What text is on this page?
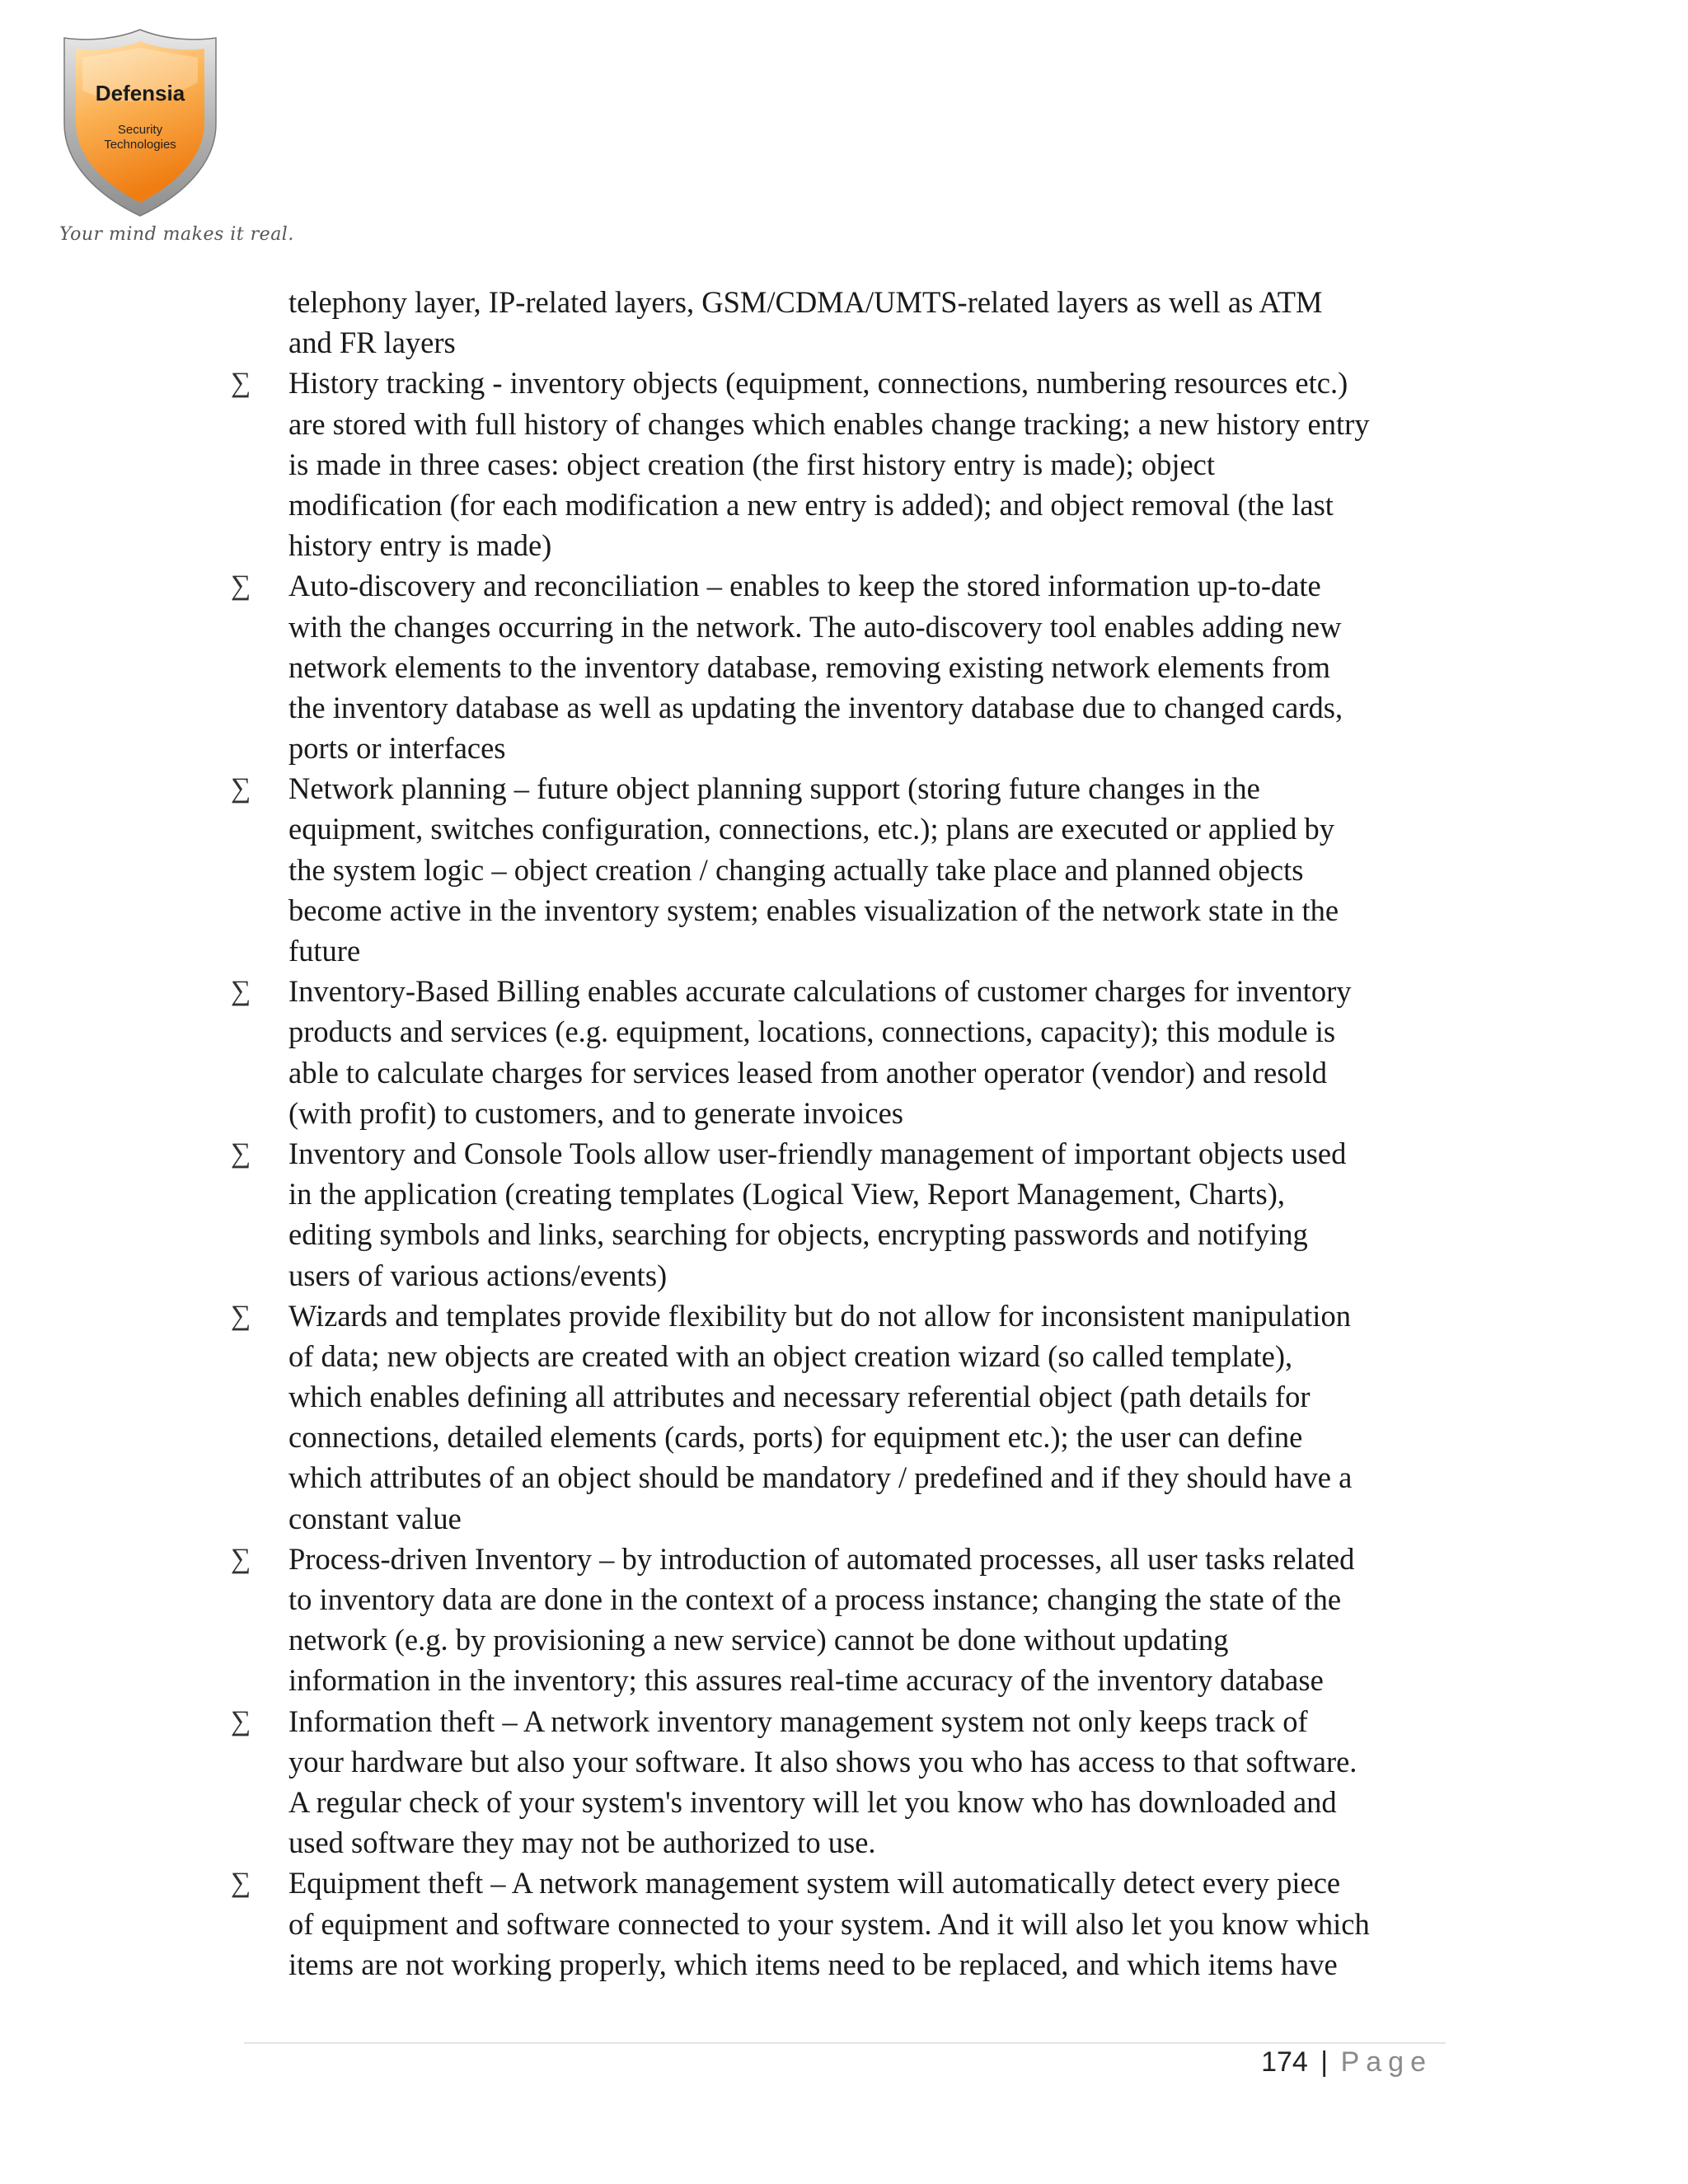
Defensia
Security
Technologies
Your mind makes it real.
telephony layer, IP-related layers, GSM/CDMA/UMTS-related layers as well as ATM
and FR layers
∑ History tracking - inventory objects (equipment, connections, numbering resources etc.)
are stored with full history of changes which enables change tracking; a new history entry
is made in three cases: object creation (the first history entry is made); object
modification (for each modification a new entry is added); and object removal (the last
history entry is made)
∑ Auto-discovery and reconciliation – enables to keep the stored information up-to-date
with the changes occurring in the network. The auto-discovery tool enables adding new
network elements to the inventory database, removing existing network elements from
the inventory database as well as updating the inventory database due to changed cards,
ports or interfaces
∑ Network planning – future object planning support (storing future changes in the
equipment, switches configuration, connections, etc.); plans are executed or applied by
the system logic – object creation / changing actually take place and planned objects
become active in the inventory system; enables visualization of the network state in the
future
∑ Inventory-Based Billing enables accurate calculations of customer charges for inventory
products and services (e.g. equipment, locations, connections, capacity); this module is
able to calculate charges for services leased from another operator (vendor) and resold
(with profit) to customers, and to generate invoices
∑ Inventory and Console Tools allow user-friendly management of important objects used
in the application (creating templates (Logical View, Report Management, Charts),
editing symbols and links, searching for objects, encrypting passwords and notifying
users of various actions/events)
∑ Wizards and templates provide flexibility but do not allow for inconsistent manipulation
of data; new objects are created with an object creation wizard (so called template),
which enables defining all attributes and necessary referential object (path details for
connections, detailed elements (cards, ports) for equipment etc.); the user can define
which attributes of an object should be mandatory / predefined and if they should have a
constant value
∑ Process-driven Inventory – by introduction of automated processes, all user tasks related
to inventory data are done in the context of a process instance; changing the state of the
network (e.g. by provisioning a new service) cannot be done without updating
information in the inventory; this assures real-time accuracy of the inventory database
∑ Information theft – A network inventory management system not only keeps track of
your hardware but also your software. It also shows you who has access to that software.
A regular check of your system's inventory will let you know who has downloaded and
used software they may not be authorized to use.
∑ Equipment theft – A network management system will automatically detect every piece
of equipment and software connected to your system. And it will also let you know which
items are not working properly, which items need to be replaced, and which items have
174 | Page
